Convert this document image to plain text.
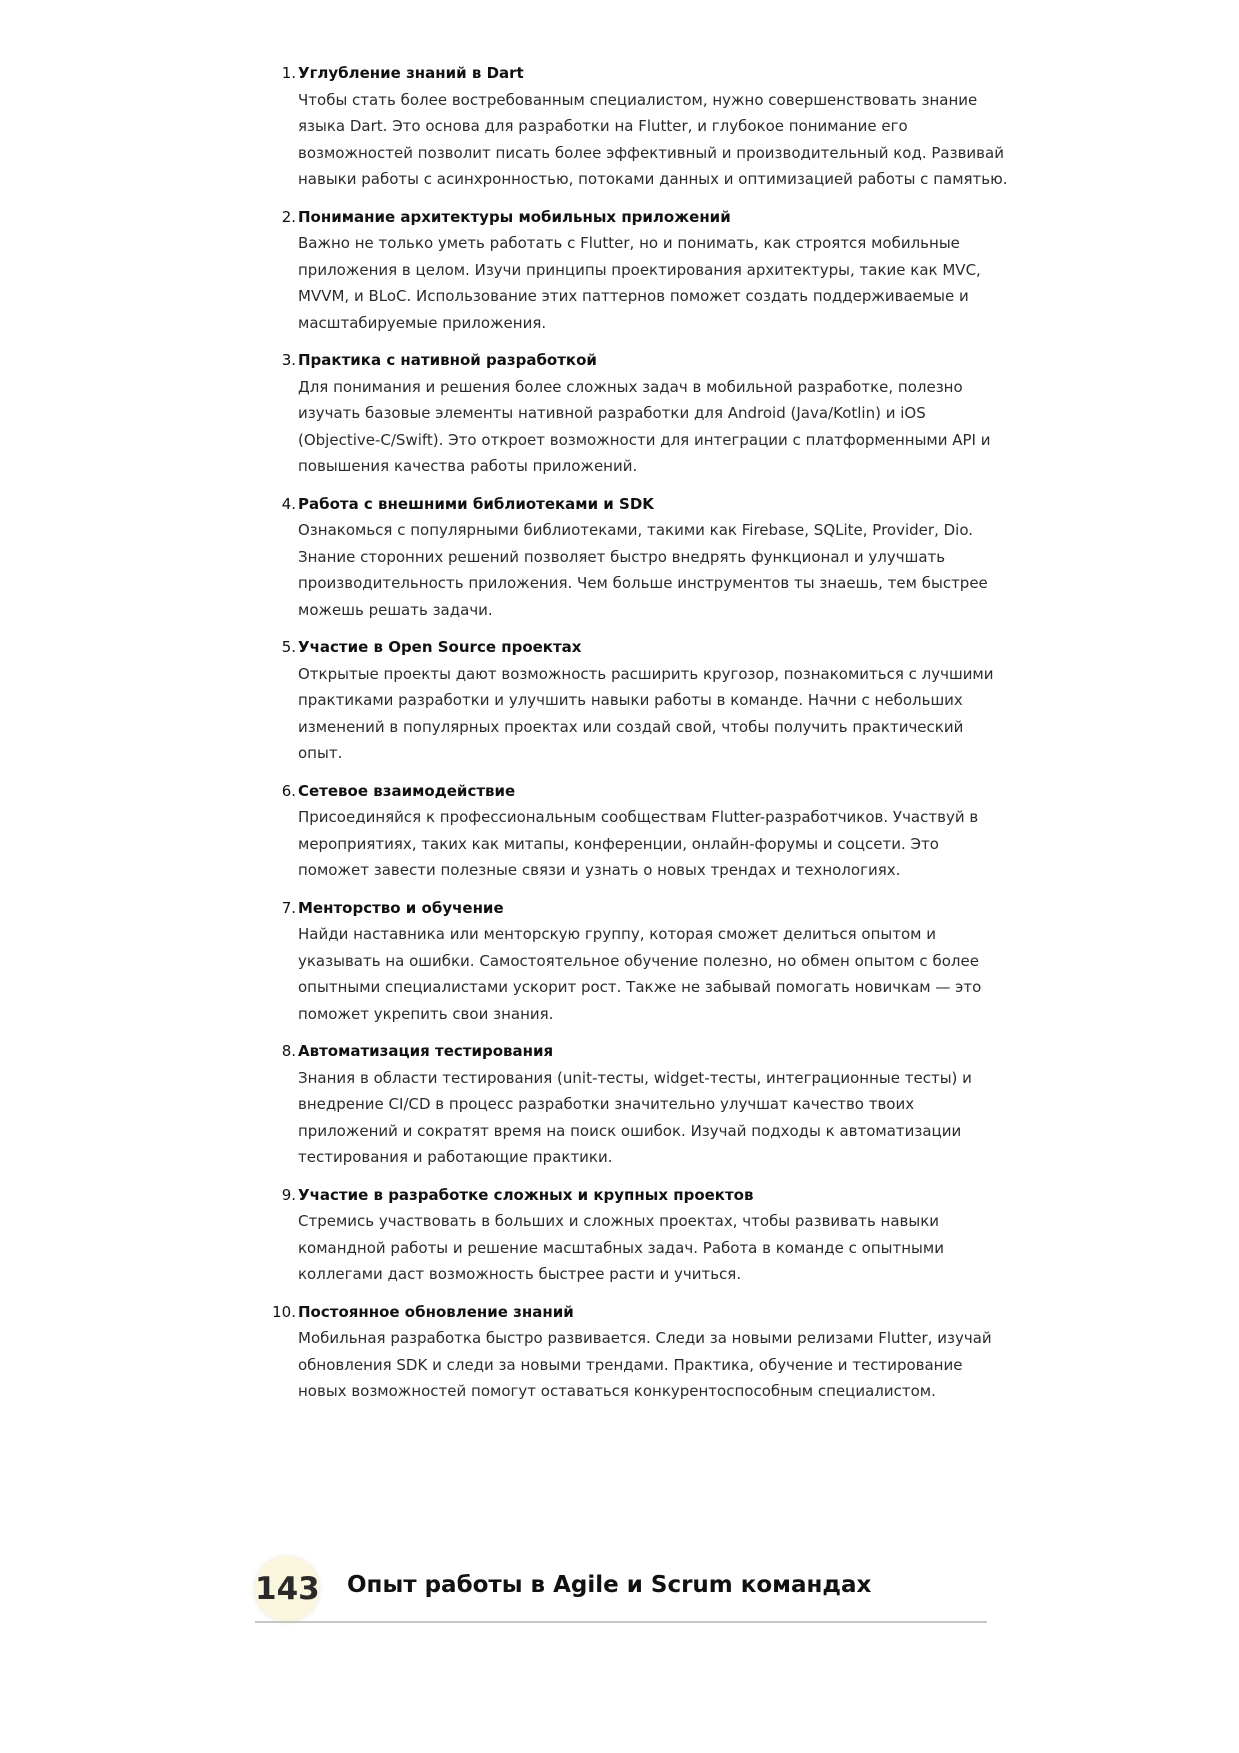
1. Углубление знаний в Dart
Чтобы стать более востребованным специалистом, нужно совершенствовать знание языка Dart. Это основа для разработки на Flutter, и глубокое понимание его возможностей позволит писать более эффективный и производительный код. Развивай навыки работы с асинхронностью, потоками данных и оптимизацией работы с памятью.
2. Понимание архитектуры мобильных приложений
Важно не только уметь работать с Flutter, но и понимать, как строятся мобильные приложения в целом. Изучи принципы проектирования архитектуры, такие как MVC, MVVM, и BLoC. Использование этих паттернов поможет создать поддерживаемые и масштабируемые приложения.
3. Практика с нативной разработкой
Для понимания и решения более сложных задач в мобильной разработке, полезно изучать базовые элементы нативной разработки для Android (Java/Kotlin) и iOS (Objective-C/Swift). Это откроет возможности для интеграции с платформенными API и повышения качества работы приложений.
4. Работа с внешними библиотеками и SDK
Ознакомься с популярными библиотеками, такими как Firebase, SQLite, Provider, Dio. Знание сторонних решений позволяет быстро внедрять функционал и улучшать производительность приложения. Чем больше инструментов ты знаешь, тем быстрее можешь решать задачи.
5. Участие в Open Source проектах
Открытые проекты дают возможность расширить кругозор, познакомиться с лучшими практиками разработки и улучшить навыки работы в команде. Начни с небольших изменений в популярных проектах или создай свой, чтобы получить практический опыт.
6. Сетевое взаимодействие
Присоединяйся к профессиональным сообществам Flutter-разработчиков. Участвуй в мероприятиях, таких как митапы, конференции, онлайн-форумы и соцсети. Это поможет завести полезные связи и узнать о новых трендах и технологиях.
7. Менторство и обучение
Найди наставника или менторскую группу, которая сможет делиться опытом и указывать на ошибки. Самостоятельное обучение полезно, но обмен опытом с более опытными специалистами ускорит рост. Также не забывай помогать новичкам — это поможет укрепить свои знания.
8. Автоматизация тестирования
Знания в области тестирования (unit-тесты, widget-тесты, интеграционные тесты) и внедрение CI/CD в процесс разработки значительно улучшат качество твоих приложений и сократят время на поиск ошибок. Изучай подходы к автоматизации тестирования и работающие практики.
9. Участие в разработке сложных и крупных проектов
Стремись участвовать в больших и сложных проектах, чтобы развивать навыки командной работы и решение масштабных задач. Работа в команде с опытными коллегами даст возможность быстрее расти и учиться.
10. Постоянное обновление знаний
Мобильная разработка быстро развивается. Следи за новыми релизами Flutter, изучай обновления SDK и следи за новыми трендами. Практика, обучение и тестирование новых возможностей помогут оставаться конкурентоспособным специалистом.
143 Опыт работы в Agile и Scrum командах
